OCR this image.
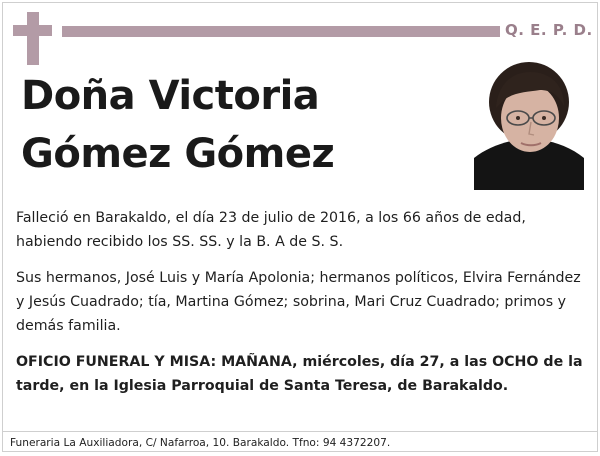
Q. E. P. D.
Doña Victoria
Gómez Gómez

Falleció en Barakaldo, el día 23 de julio de 2016, a los 66 años de edad, habiendo recibido los SS. SS. y la B. A de S. S.

Sus hermanos, José Luis y María Apolonia; hermanos políticos, Elvira Fernández y Jesús Cuadrado; tía, Martina Gómez; sobrina, Mari Cruz Cuadrado; primos y demás familia.

OFICIO FUNERAL Y MISA: MAÑANA, miércoles, día 27, a las OCHO de la tarde, en la Iglesia Parroquial de Santa Teresa, de Barakaldo.

Funeraria La Auxiliadora, C/ Nafarroa, 10. Barakaldo. Tfno: 94 4372207.
